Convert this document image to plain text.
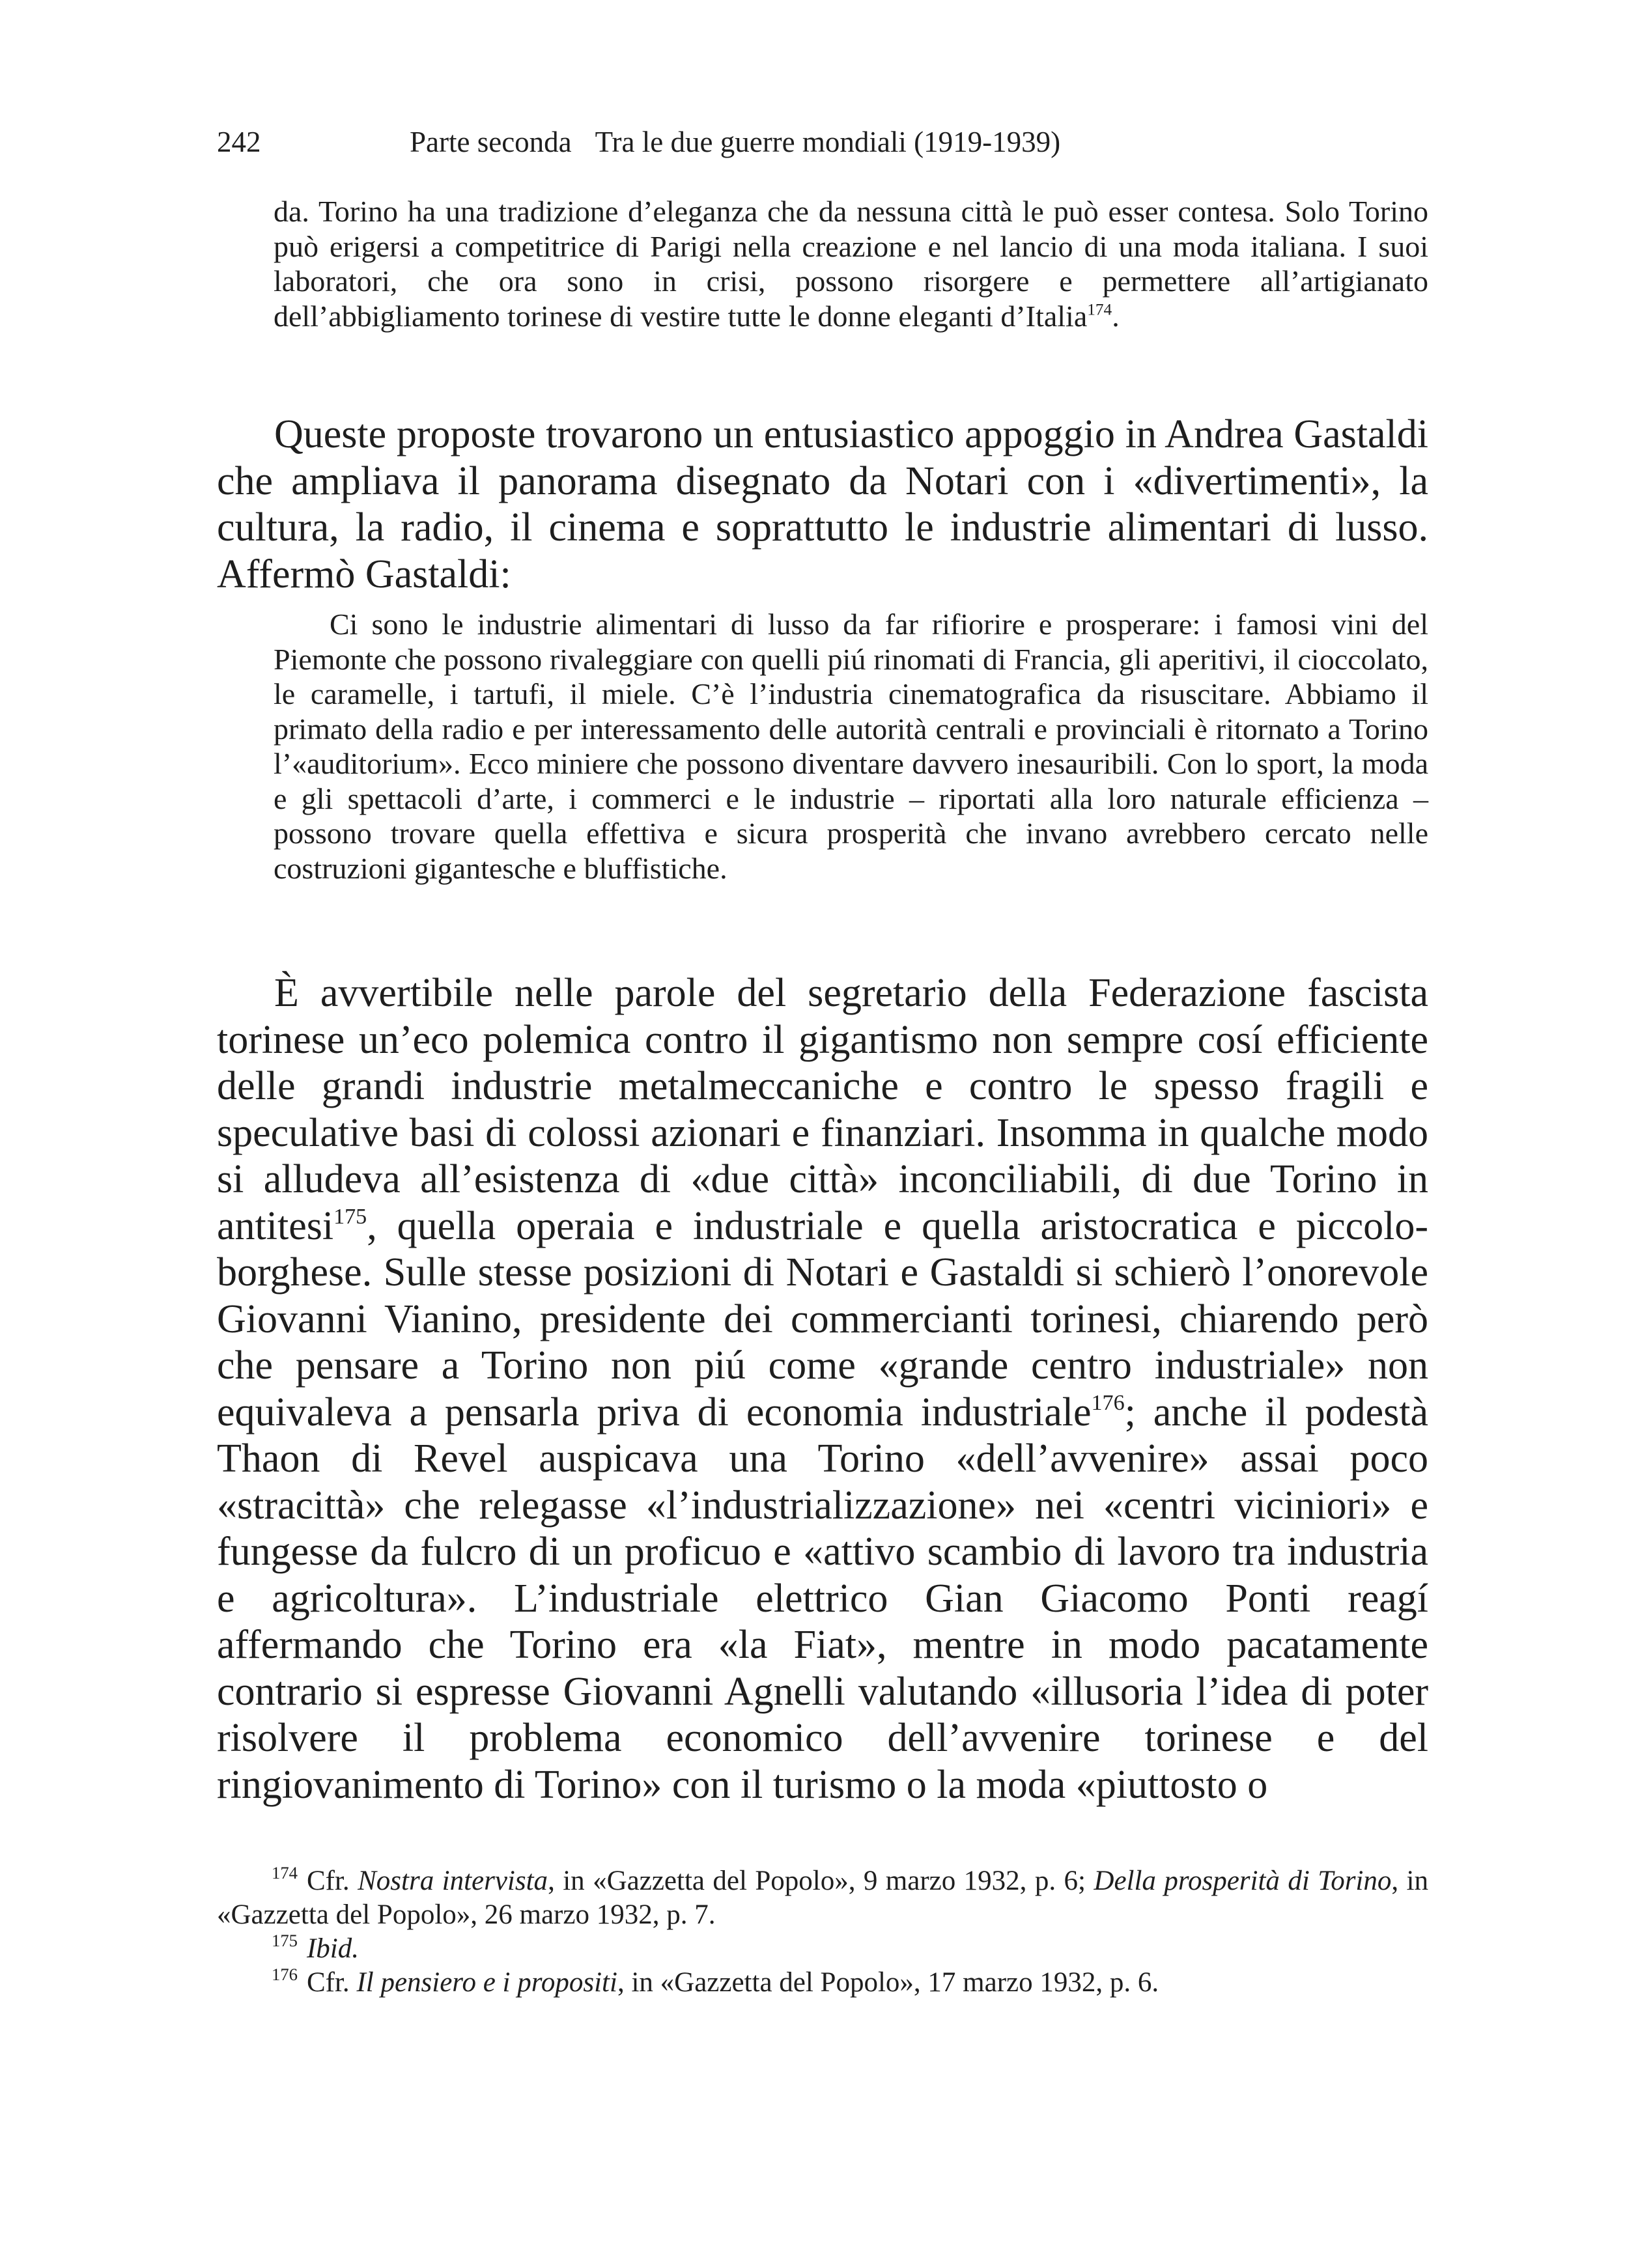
242	Parte seconda Tra le due guerre mondiali (1919-1939)

da. Torino ha una tradizione d’eleganza che da nessuna città le può esser contesa. Solo Torino può erigersi a competitrice di Parigi nella creazione e nel lancio di una moda italiana. I suoi laboratori, che ora sono in crisi, possono risorgere e permettere all’artigianato dell’abbigliamento torinese di vestire tutte le donne eleganti d’Italia$^{174}$.

Queste proposte trovarono un entusiastico appoggio in Andrea Gastaldi che ampliava il panorama disegnato da Notari con i «divertimenti», la cultura, la radio, il cinema e soprattutto le industrie alimentari di lusso. Affermò Gastaldi:

Ci sono le industrie alimentari di lusso da far rifiorire e prosperare: i famosi vini del Piemonte che possono rivaleggiare con quelli piú rinomati di Francia, gli aperitivi, il cioccolato, le caramelle, i tartufi, il miele. C’è l’industria cinematografica da risuscitare. Abbiamo il primato della radio e per interessamento delle autorità centrali e provinciali è ritornato a Torino l’«auditorium». Ecco miniere che possono diventare davvero inesauribili. Con lo sport, la moda e gli spettacoli d’arte, i commerci e le industrie – riportati alla loro naturale efficienza – possono trovare quella effettiva e sicura prosperità che invano avrebbero cercato nelle costruzioni gigantesche e bluffistiche.

È avvertibile nelle parole del segretario della Federazione fascista torinese un’eco polemica contro il gigantismo non sempre cosí efficiente delle grandi industrie metalmeccaniche e contro le spesso fragili e speculative basi di colossi azionari e finanziari. Insomma in qualche modo si alludeva all’esistenza di «due città» inconciliabili, di due Torino in antitesi$^{175}$, quella operaia e industriale e quella aristocratica e piccolo-borghese. Sulle stesse posizioni di Notari e Gastaldi si schierò l’onorevole Giovanni Vianino, presidente dei commercianti torinesi, chiarendo però che pensare a Torino non piú come «grande centro industriale» non equivaleva a pensarla priva di economia industriale$^{176}$; anche il podestà Thaon di Revel auspicava una Torino «dell’avvenire» assai poco «stracittà» che relegasse «l’industrializzazione» nei «centri viciniori» e fungesse da fulcro di un proficuo e «attivo scambio di lavoro tra industria e agricoltura». L’industriale elettrico Gian Giacomo Ponti reagí affermando che Torino era «la Fiat», mentre in modo pacatamente contrario si espresse Giovanni Agnelli valutando «illusoria l’idea di poter risolvere il problema economico dell’avvenire torinese e del ringiovanimento di Torino» con il turismo o la moda «piuttosto o

$^{174}$ Cfr. Nostra intervista, in «Gazzetta del Popolo», 9 marzo 1932, p. 6; Della prosperità di Torino, in «Gazzetta del Popolo», 26 marzo 1932, p. 7.

$^{175}$ Ibid.

$^{176}$ Cfr. Il pensiero e i propositi, in «Gazzetta del Popolo», 17 marzo 1932, p. 6.
